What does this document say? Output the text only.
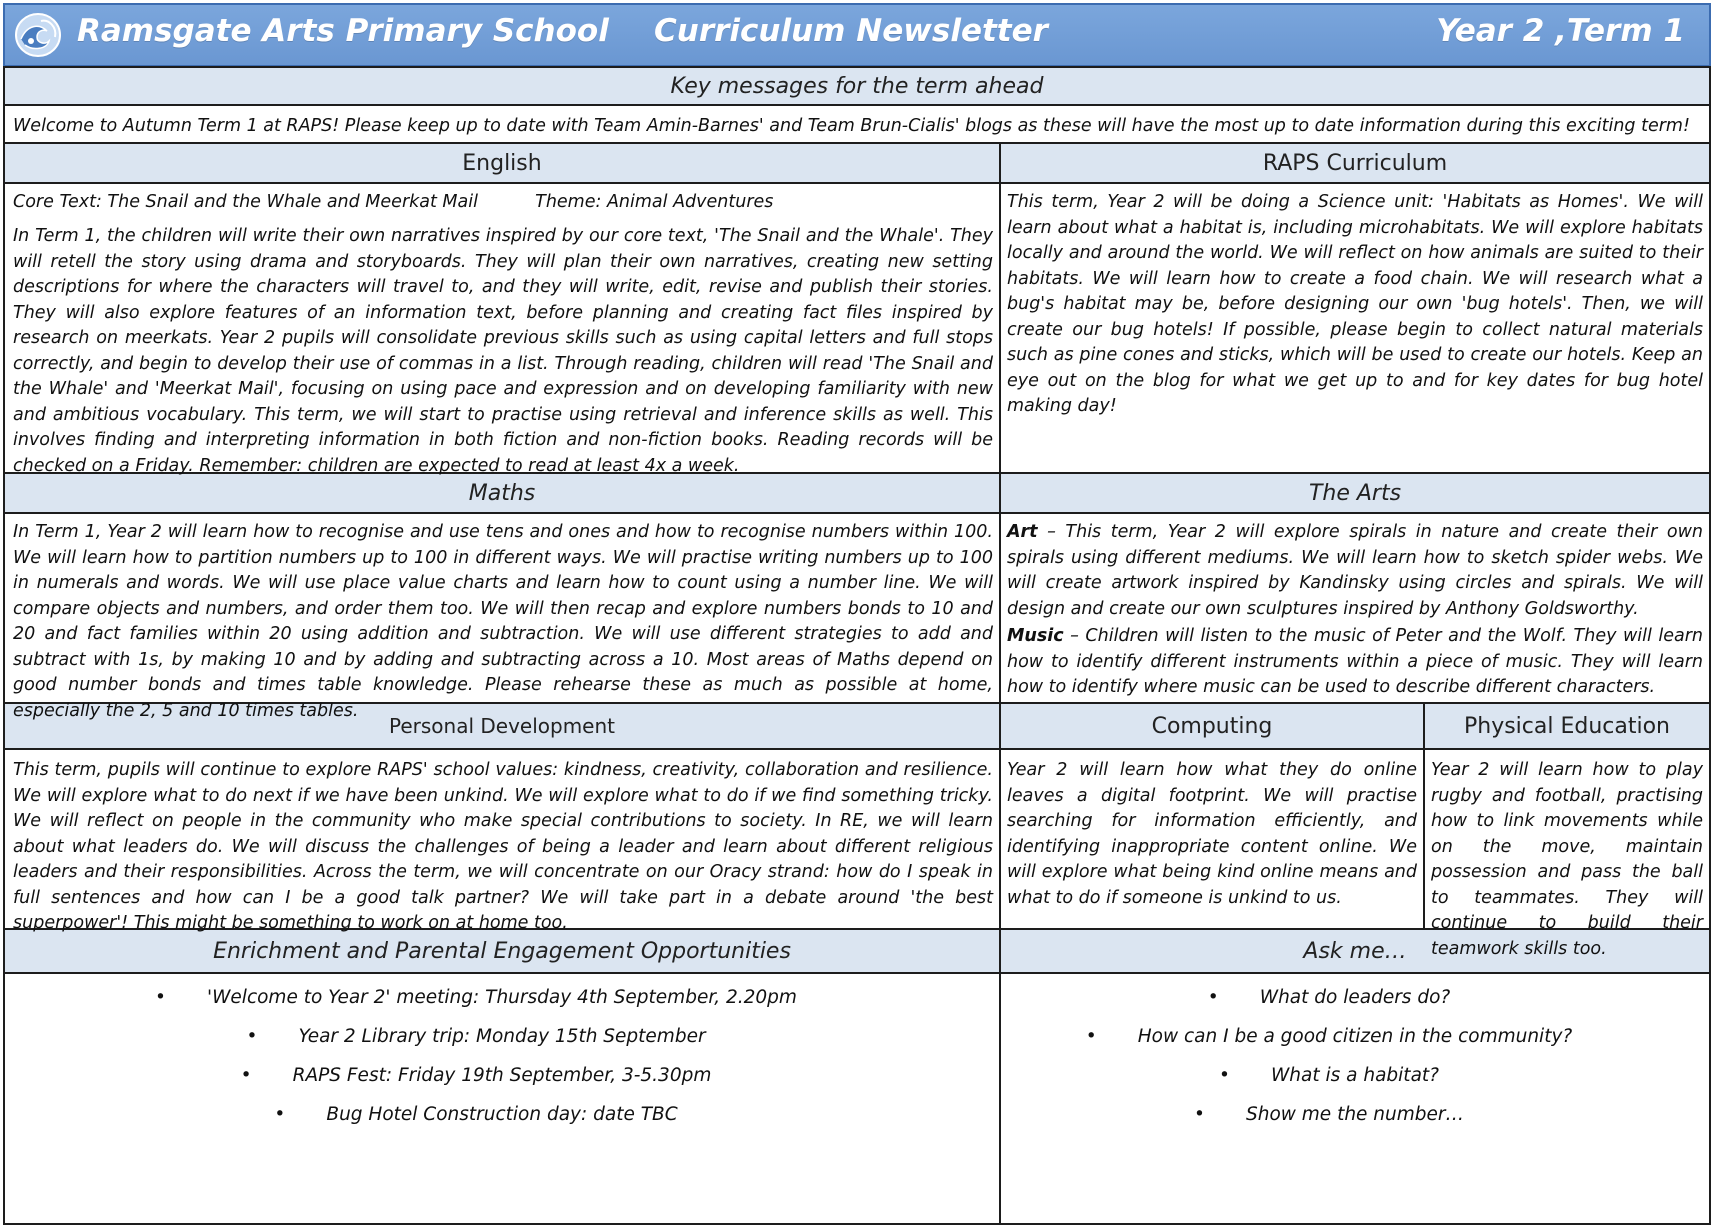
Ramsgate Arts Primary School Curriculum Newsletter	Year 2 ,Term 1
Key messages for the term ahead
English	RAPS Curriculum
Maths	The Arts
Personal Development	Computing	Physical Education
Enrichment and Parental Engagement Opportunities	Ask me…
Welcome to Autumn Term 1 at RAPS! Please keep up to date with Team Amin-Barnes' and Team Brun-Cialis' blogs as these will have the most up to date information during this exciting term!
Core Text: The Snail and the Whale and Meerkat Mail	Theme: Animal Adventures
In Term 1, the children will write their own narratives inspired by our core text, 'The Snail and the Whale'. They will retell the story using drama and storyboards. They will plan their own narratives, creating new setting descriptions for where the characters will travel to, and they will write, edit, revise and publish their stories. They will also explore features of an information text, before planning and creating fact files inspired by research on meerkats. Year 2 pupils will consolidate previous skills such as using capital letters and full stops correctly, and begin to develop their use of commas in a list. Through reading, children will read 'The Snail and the Whale' and 'Meerkat Mail', focusing on using pace and expression and on developing familiarity with new and ambitious vocabulary. This term, we will start to practise using retrieval and inference skills as well. This involves finding and interpreting information in both fiction and non-fiction books. Reading records will be checked on a Friday. Remember: children are expected to read at least 4x a week.
This term, Year 2 will be doing a Science unit: 'Habitats as Homes'. We will learn about what a habitat is, including microhabitats. We will explore habitats locally and around the world. We will reflect on how animals are suited to their habitats. We will learn how to create a food chain. We will research what a bug's habitat may be, before designing our own 'bug hotels'. Then, we will create our bug hotels! If possible, please begin to collect natural materials such as pine cones and sticks, which will be used to create our hotels. Keep an eye out on the blog for what we get up to and for key dates for bug hotel making day!
In Term 1, Year 2 will learn how to recognise and use tens and ones and how to recognise numbers within 100. We will learn how to partition numbers up to 100 in different ways. We will practise writing numbers up to 100 in numerals and words. We will use place value charts and learn how to count using a number line. We will compare objects and numbers, and order them too. We will then recap and explore numbers bonds to 10 and 20 and fact families within 20 using addition and subtraction. We will use different strategies to add and subtract with 1s, by making 10 and by adding and subtracting across a 10. Most areas of Maths depend on good number bonds and times table knowledge. Please rehearse these as much as possible at home, especially the 2, 5 and 10 times tables.
Art – This term, Year 2 will explore spirals in nature and create their own spirals using different mediums. We will learn how to sketch spider webs. We will create artwork inspired by Kandinsky using circles and spirals. We will design and create our own sculptures inspired by Anthony Goldsworthy.
Music – Children will listen to the music of Peter and the Wolf. They will learn how to identify different instruments within a piece of music. They will learn how to identify where music can be used to describe different characters.
This term, pupils will continue to explore RAPS' school values: kindness, creativity, collaboration and resilience. We will explore what to do next if we have been unkind. We will explore what to do if we find something tricky. We will reflect on people in the community who make special contributions to society. In RE, we will learn about what leaders do. We will discuss the challenges of being a leader and learn about different religious leaders and their responsibilities. Across the term, we will concentrate on our Oracy strand: how do I speak in full sentences and how can I be a good talk partner? We will take part in a debate around 'the best superpower'! This might be something to work on at home too.
Year 2 will learn how what they do online leaves a digital footprint. We will practise searching for information efficiently, and identifying inappropriate content online. We will explore what being kind online means and what to do if someone is unkind to us.
Year 2 will learn how to play rugby and football, practising how to link movements while on the move, maintain possession and pass the ball to teammates. They will continue to build their teamwork skills too.
• 'Welcome to Year 2' meeting: Thursday 4th September, 2.20pm
• Year 2 Library trip: Monday 15th September
• RAPS Fest: Friday 19th September, 3-5.30pm
• Bug Hotel Construction day: date TBC
• What do leaders do?
• How can I be a good citizen in the community?
• What is a habitat?
• Show me the number…
